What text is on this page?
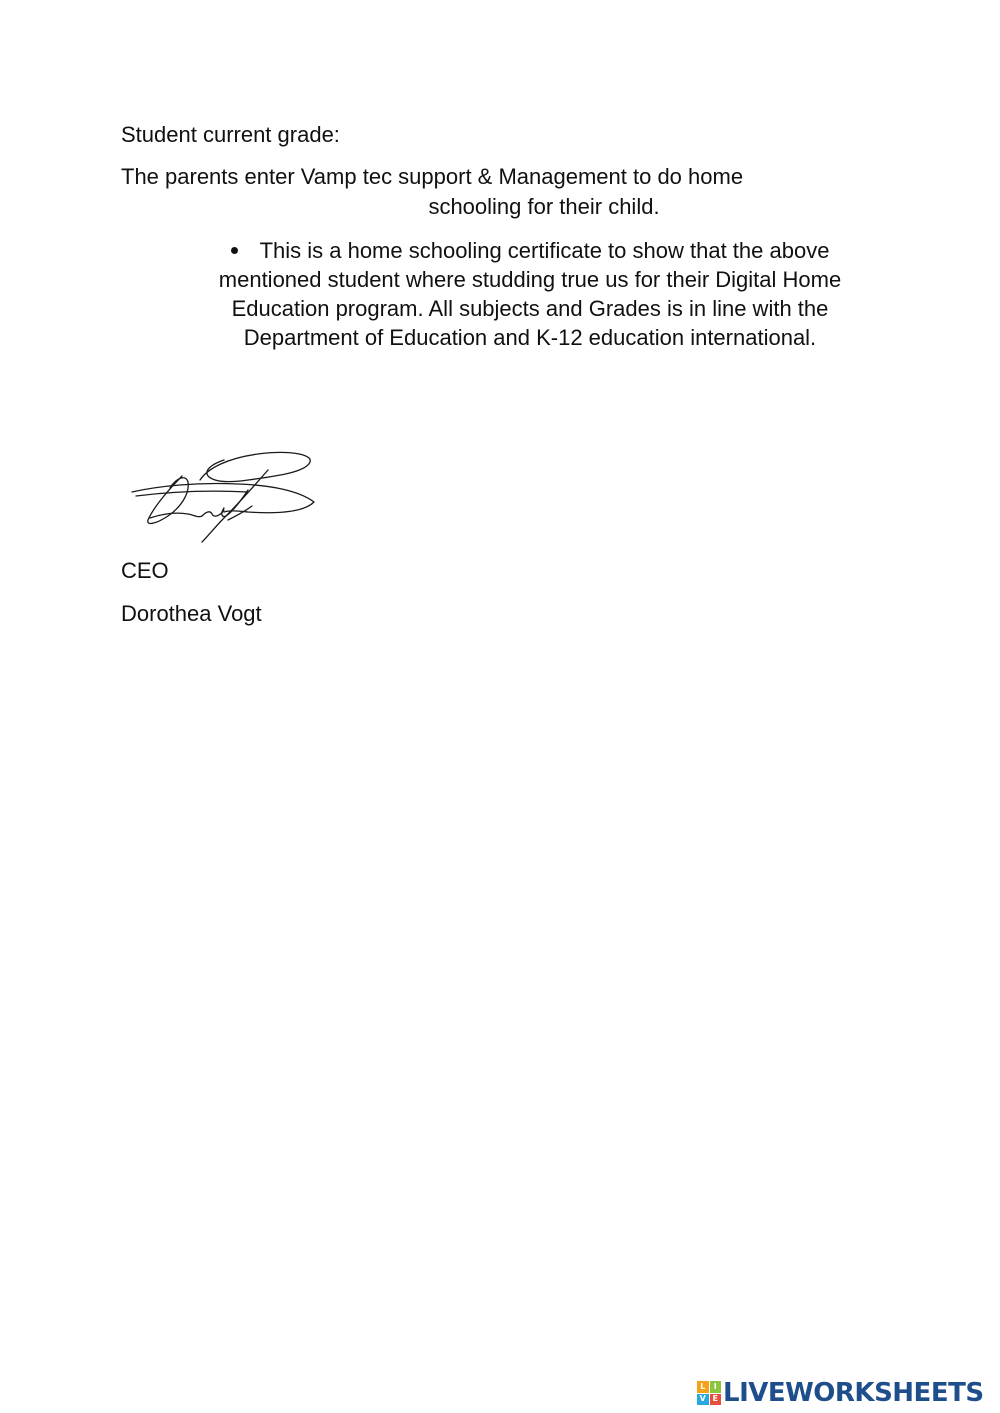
Student current grade:
The parents enter Vamp tec support & Management to do home
schooling for their child.
This is a home schooling certificate to show that the above
mentioned student where studding true us for their Digital Home
Education program. All subjects and Grades is in line with the
Department of Education and K-12 education international.
CEO
Dorothea Vogt
L	I
V E LIVEWORKSHEETS
